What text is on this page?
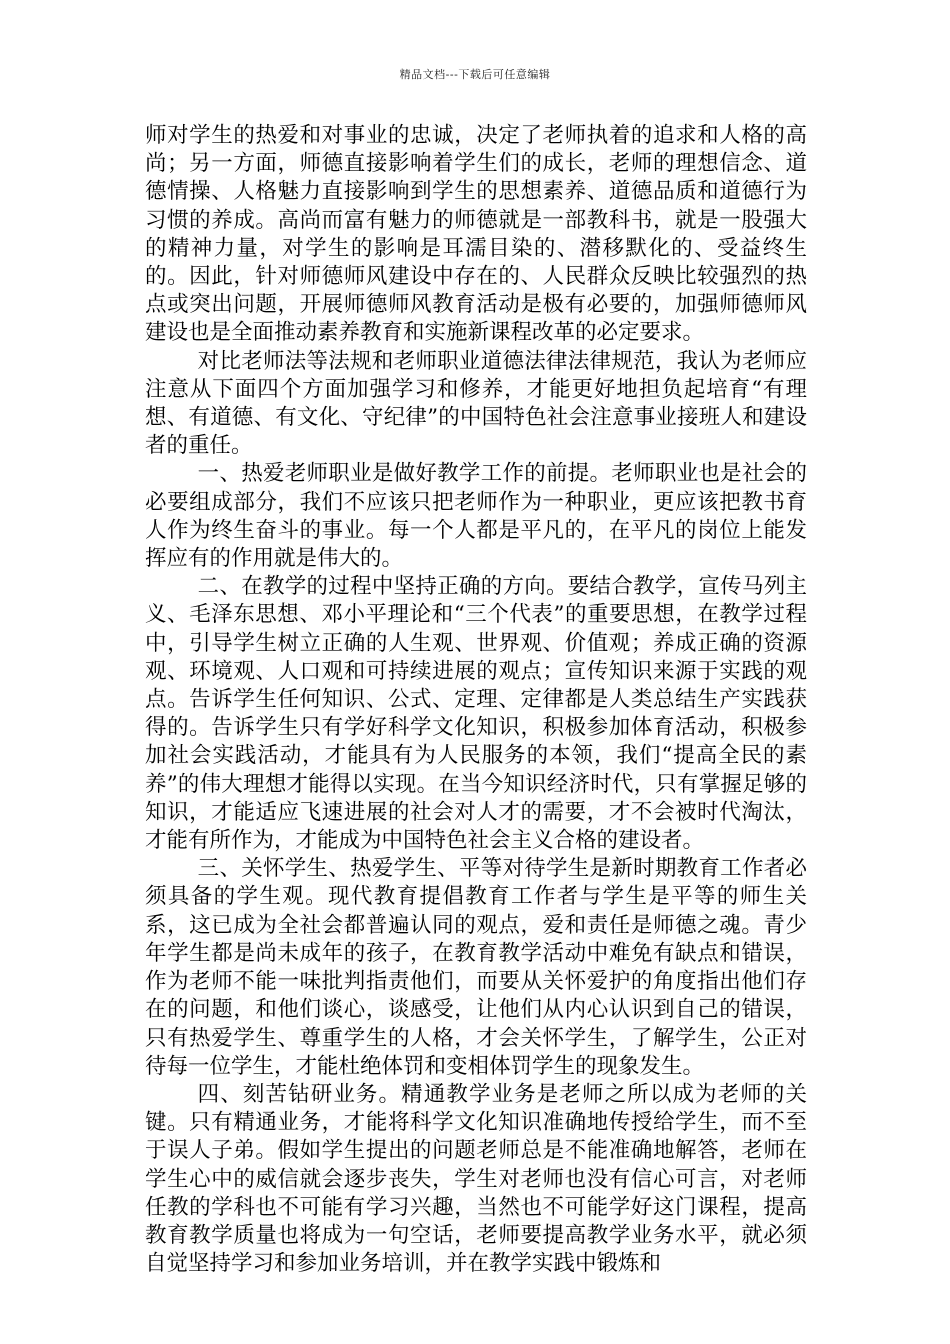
精品文档---下载后可任意编辑

师对学生的热爱和对事业的忠诚，决定了老师执着的追求和人格的高尚；另一方面，师德直接影响着学生们的成长，老师的理想信念、道德情操、人格魅力直接影响到学生的思想素养、道德品质和道德行为习惯的养成。高尚而富有魅力的师德就是一部教科书，就是一股强大的精神力量，对学生的影响是耳濡目染的、潜移默化的、受益终生的。因此，针对师德师风建设中存在的、人民群众反映比较强烈的热点或突出问题，开展师德师风教育活动是极有必要的，加强师德师风建设也是全面推动素养教育和实施新课程改革的必定要求。

对比老师法等法规和老师职业道德法律法律规范，我认为老师应注意从下面四个方面加强学习和修养，才能更好地担负起培育“有理想、有道德、有文化、守纪律”的中国特色社会注意事业接班人和建设者的重任。

一、热爱老师职业是做好教学工作的前提。老师职业也是社会的必要组成部分，我们不应该只把老师作为一种职业，更应该把教书育人作为终生奋斗的事业。每一个人都是平凡的，在平凡的岗位上能发挥应有的作用就是伟大的。

二、在教学的过程中坚持正确的方向。要结合教学，宣传马列主义、毛泽东思想、邓小平理论和“三个代表”的重要思想，在教学过程中，引导学生树立正确的人生观、世界观、价值观；养成正确的资源观、环境观、人口观和可持续进展的观点；宣传知识来源于实践的观点。告诉学生任何知识、公式、定理、定律都是人类总结生产实践获得的。告诉学生只有学好科学文化知识，积极参加体育活动，积极参加社会实践活动，才能具有为人民服务的本领，我们“提高全民的素养”的伟大理想才能得以实现。在当今知识经济时代，只有掌握足够的知识，才能适应飞速进展的社会对人才的需要，才不会被时代淘汰，才能有所作为，才能成为中国特色社会主义合格的建设者。

三、关怀学生、热爱学生、平等对待学生是新时期教育工作者必须具备的学生观。现代教育提倡教育工作者与学生是平等的师生关系，这已成为全社会都普遍认同的观点，爱和责任是师德之魂。青少年学生都是尚未成年的孩子，在教育教学活动中难免有缺点和错误，作为老师不能一味批判指责他们，而要从关怀爱护的角度指出他们存在的问题，和他们谈心，谈感受，让他们从内心认识到自己的错误，只有热爱学生、尊重学生的人格，才会关怀学生，了解学生，公正对待每一位学生，才能杜绝体罚和变相体罚学生的现象发生。

四、刻苦钻研业务。精通教学业务是老师之所以成为老师的关键。只有精通业务，才能将科学文化知识准确地传授给学生，而不至于误人子弟。假如学生提出的问题老师总是不能准确地解答，老师在学生心中的威信就会逐步丧失，学生对老师也没有信心可言，对老师任教的学科也不可能有学习兴趣，当然也不可能学好这门课程，提高教育教学质量也将成为一句空话，老师要提高教学业务水平，就必须自觉坚持学习和参加业务培训，并在教学实践中锻炼和
